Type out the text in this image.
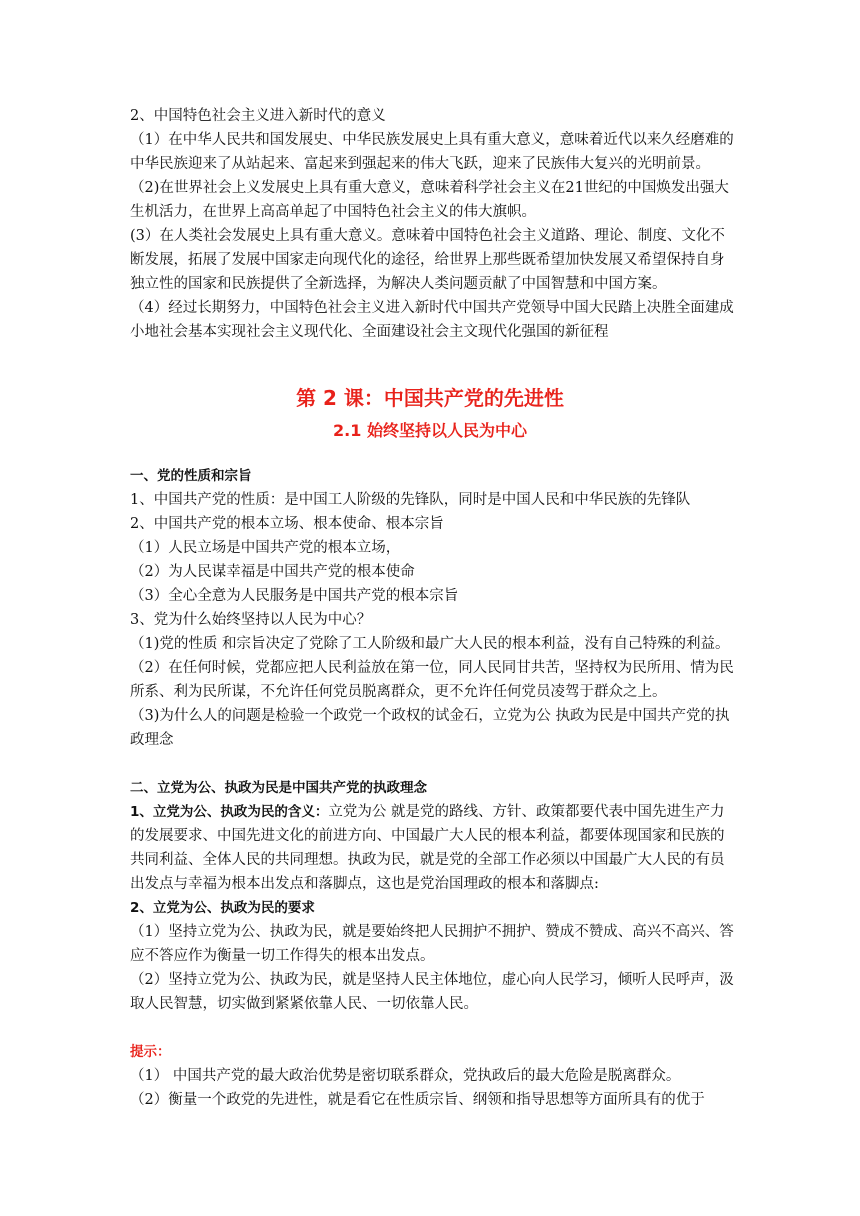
2、中国特色社会主义进入新时代的意义

（1）在中华人民共和国发展史、中华民族发展史上具有重大意义，意味着近代以来久经磨难的中华民族迎来了从站起来、富起来到强起来的伟大飞跃，迎来了民族伟大复兴的光明前景。

（2)在世界社会上义发展史上具有重大意义，意味着科学社会主义在21世纪的中国焕发出强大生机活力，在世界上高高单起了中国特色社会主义的伟大旗帜。

(3）在人类社会发展史上具有重大意义。意味着中国特色社会主义道路、理论、制度、文化不断发展，拓展了发展中国家走向现代化的途径，给世界上那些既希望加快发展又希望保持自身独立性的国家和民族提供了全新选择，为解决人类问题贡献了中国智慧和中国方案。

（4）经过长期努力，中国特色社会主义进入新时代中国共产党领导中国大民踏上决胜全面建成小地社会基本实现社会主义现代化、全面建设社会主文现代化强国的新征程

第 2 课：中国共产党的先进性
2.1 始终坚持以人民为中心

一、党的性质和宗旨

1、中国共产党的性质：是中国工人阶级的先锋队，同时是中国人民和中华民族的先锋队

2、中国共产党的根本立场、根本使命、根本宗旨

（1）人民立场是中国共产党的根本立场，

（2）为人民谋幸福是中国共产党的根本使命

（3）全心全意为人民服务是中国共产党的根本宗旨

3、党为什么始终坚持以人民为中心？

（1)党的性质 和宗旨决定了党除了工人阶级和最广大人民的根本利益，没有自己特殊的利益。

（2）在任何时候，党都应把人民利益放在第一位，同人民同甘共苦，坚持权为民所用、情为民所系、利为民所谋，不允许任何党员脱离群众，更不允许任何党员凌驾于群众之上。

（3)为什么人的问题是检验一个政党一个政权的试金石，立党为公 执政为民是中国共产党的执政理念

二、立党为公、执政为民是中国共产党的执政理念

1、立党为公、执政为民的含义：立党为公 就是党的路线、方针、政策都要代表中国先进生产力的发展要求、中国先进文化的前进方向、中国最广大人民的根本利益，都要体现国家和民族的共同利益、全体人民的共同理想。执政为民，就是党的全部工作必须以中国最广大人民的有员出发点与幸福为根本出发点和落脚点，这也是党治国理政的根本和落脚点:

2、立党为公、执政为民的要求

（1）坚持立党为公、执政为民，就是要始终把人民拥护不拥护、赞成不赞成、高兴不高兴、答应不答应作为衡量一切工作得失的根本出发点。

（2）坚持立党为公、执政为民，就是坚持人民主体地位，虚心向人民学习，倾听人民呼声，汲取人民智慧，切实做到紧紧依靠人民、一切依靠人民。

提示：

（1） 中国共产党的最大政治优势是密切联系群众，党执政后的最大危险是脱离群众。

（2）衡量一个政党的先进性，就是看它在性质宗旨、纲领和指导思想等方面所具有的优于
